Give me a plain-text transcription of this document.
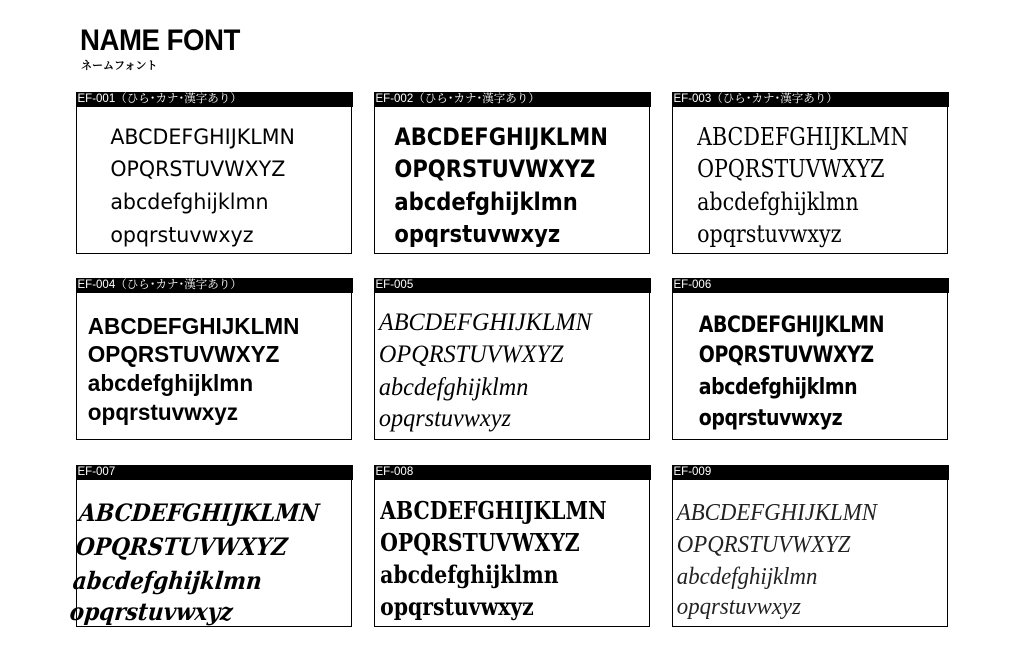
NAME FONT
ネームフォント
EF-001（ひら･カナ･漢字あり）
ABCDEFGHIJKLMN
OPQRSTUVWXYZ
abcdefghijklmn
opqrstuvwxyz
EF-002（ひら･カナ･漢字あり）
ABCDEFGHIJKLMN
OPQRSTUVWXYZ
abcdefghijklmn
opqrstuvwxyz
EF-003（ひら･カナ･漢字あり）
ABCDEFGHIJKLMN
OPQRSTUVWXYZ
abcdefghijklmn
opqrstuvwxyz
EF-004（ひら･カナ･漢字あり）
ABCDEFGHIJKLMN
OPQRSTUVWXYZ
abcdefghijklmn
opqrstuvwxyz
EF-005
ABCDEFGHIJKLMN
OPQRSTUVWXYZ
abcdefghijklmn
opqrstuvwxyz
EF-006
ABCDEFGHIJKLMN
OPQRSTUVWXYZ
abcdefghijklmn
opqrstuvwxyz
EF-007
ABCDEFGHIJKLMN
OPQRSTUVWXYZ
abcdefghijklmn
opqrstuvwxyz
EF-008
ABCDEFGHIJKLMN
OPQRSTUVWXYZ
abcdefghijklmn
opqrstuvwxyz
EF-009
ABCDEFGHIJKLMN
OPQRSTUVWXYZ
abcdefghijklmn
opqrstuvwxyz
